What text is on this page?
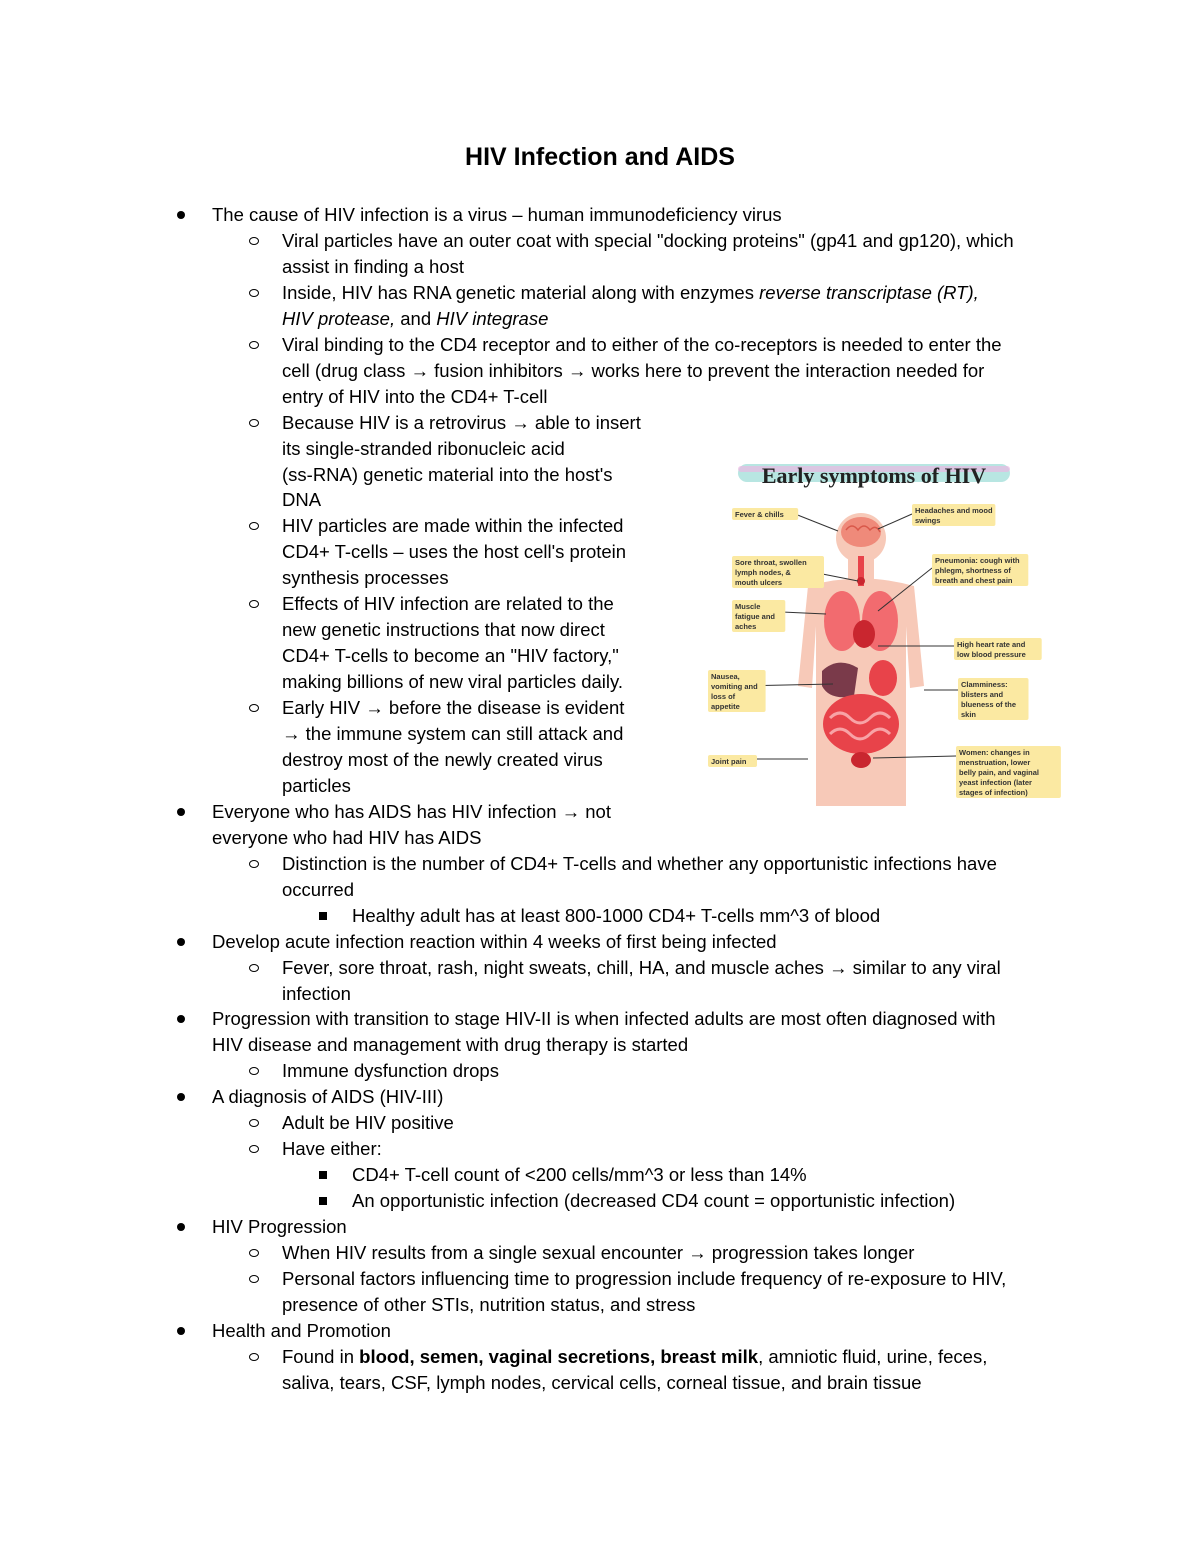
HIV Infection and AIDS
The cause of HIV infection is a virus – human immunodeficiency virus
Viral particles have an outer coat with special "docking proteins" (gp41 and gp120), which
assist in finding a host
Inside, HIV has RNA genetic material along with enzymes reverse transcriptase (RT),
HIV protease, and HIV integrase
Viral binding to the CD4 receptor and to either of the co-receptors is needed to enter the
cell (drug class → fusion inhibitors → works here to prevent the interaction needed for
entry of HIV into the CD4+ T-cell
Because HIV is a retrovirus → able to insert
its single-stranded ribonucleic acid
(ss-RNA) genetic material into the host's
DNA
HIV particles are made within the infected
CD4+ T-cells – uses the host cell's protein
synthesis processes
Effects of HIV infection are related to the
new genetic instructions that now direct
CD4+ T-cells to become an "HIV factory,"
making billions of new viral particles daily.
Early HIV → before the disease is evident
→ the immune system can still attack and
destroy most of the newly created virus
particles
Everyone who has AIDS has HIV infection → not
everyone who had HIV has AIDS
Distinction is the number of CD4+ T-cells and whether any opportunistic infections have
occurred
Healthy adult has at least 800-1000 CD4+ T-cells mm^3 of blood
Develop acute infection reaction within 4 weeks of first being infected
Fever, sore throat, rash, night sweats, chill, HA, and muscle aches → similar to any viral
infection
Progression with transition to stage HIV-II is when infected adults are most often diagnosed with
HIV disease and management with drug therapy is started
Immune dysfunction drops
A diagnosis of AIDS (HIV-III)
Adult be HIV positive
Have either:
CD4+ T-cell count of <200 cells/mm^3 or less than 14%
An opportunistic infection (decreased CD4 count = opportunistic infection)
HIV Progression
When HIV results from a single sexual encounter → progression takes longer
Personal factors influencing time to progression include frequency of re-exposure to HIV,
presence of other STIs, nutrition status, and stress
Health and Promotion
Found in blood, semen, vaginal secretions, breast milk, amniotic fluid, urine, feces,
saliva, tears, CSF, lymph nodes, cervical cells, corneal tissue, and brain tissue
Early symptoms of HIV
Fever & chills	Headaches and mood
swings
Sore throat, swollen
lymph nodes, &
mouth ulcers
Pneumonia: cough with
phlegm, shortness of
breath and chest pain
Muscle
fatigue and
aches
High heart rate and
low blood pressure
Nausea,
vomiting and
loss of
appetite
Clamminess:
blisters and
blueness of the
skin
Joint pain
Women: changes in
menstruation, lower
belly pain, and vaginal
yeast infection (later
stages of infection)
